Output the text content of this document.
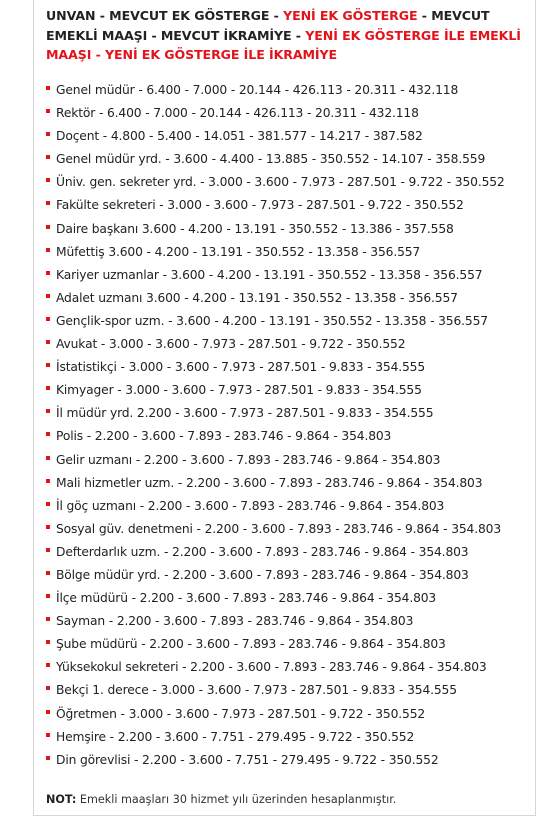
UNVAN - MEVCUT EK GÖSTERGE - YENİ EK GÖSTERGE - MEVCUT EMEKLİ MAAŞI - MEVCUT İKRAMİYE - YENİ EK GÖSTERGE İLE EMEKLİ MAAŞI - YENİ EK GÖSTERGE İLE İKRAMİYE
Genel müdür - 6.400 - 7.000 - 20.144 - 426.113 - 20.311 - 432.118
Rektör - 6.400 - 7.000 - 20.144 - 426.113 - 20.311 - 432.118
Doçent - 4.800 - 5.400 - 14.051 - 381.577 - 14.217 - 387.582
Genel müdür yrd. - 3.600 - 4.400 - 13.885 - 350.552 - 14.107 - 358.559
Üniv. gen. sekreter yrd. - 3.000 - 3.600 - 7.973 - 287.501 - 9.722 - 350.552
Fakülte sekreteri - 3.000 - 3.600 - 7.973 - 287.501 - 9.722 - 350.552
Daire başkanı 3.600 - 4.200 - 13.191 - 350.552 - 13.386 - 357.558
Müfettiş 3.600 - 4.200 - 13.191 - 350.552 - 13.358 - 356.557
Kariyer uzmanlar - 3.600 - 4.200 - 13.191 - 350.552 - 13.358 - 356.557
Adalet uzmanı 3.600 - 4.200 - 13.191 - 350.552 - 13.358 - 356.557
Gençlik-spor uzm. - 3.600 - 4.200 - 13.191 - 350.552 - 13.358 - 356.557
Avukat - 3.000 - 3.600 - 7.973 - 287.501 - 9.722 - 350.552
İstatistikçi - 3.000 - 3.600 - 7.973 - 287.501 - 9.833 - 354.555
Kimyager - 3.000 - 3.600 - 7.973 - 287.501 - 9.833 - 354.555
İl müdür yrd. 2.200 - 3.600 - 7.973 - 287.501 - 9.833 - 354.555
Polis - 2.200 - 3.600 - 7.893 - 283.746 - 9.864 - 354.803
Gelir uzmanı - 2.200 - 3.600 - 7.893 - 283.746 - 9.864 - 354.803
Mali hizmetler uzm. - 2.200 - 3.600 - 7.893 - 283.746 - 9.864 - 354.803
İl göç uzmanı - 2.200 - 3.600 - 7.893 - 283.746 - 9.864 - 354.803
Sosyal güv. denetmeni - 2.200 - 3.600 - 7.893 - 283.746 - 9.864 - 354.803
Defterdarlık uzm. - 2.200 - 3.600 - 7.893 - 283.746 - 9.864 - 354.803
Bölge müdür yrd. - 2.200 - 3.600 - 7.893 - 283.746 - 9.864 - 354.803
İlçe müdürü - 2.200 - 3.600 - 7.893 - 283.746 - 9.864 - 354.803
Sayman - 2.200 - 3.600 - 7.893 - 283.746 - 9.864 - 354.803
Şube müdürü - 2.200 - 3.600 - 7.893 - 283.746 - 9.864 - 354.803
Yüksekokul sekreteri - 2.200 - 3.600 - 7.893 - 283.746 - 9.864 - 354.803
Bekçi 1. derece - 3.000 - 3.600 - 7.973 - 287.501 - 9.833 - 354.555
Öğretmen - 3.000 - 3.600 - 7.973 - 287.501 - 9.722 - 350.552
Hemşire - 2.200 - 3.600 - 7.751 - 279.495 - 9.722 - 350.552
Din görevlisi - 2.200 - 3.600 - 7.751 - 279.495 - 9.722 - 350.552
NOT: Emekli maaşları 30 hizmet yılı üzerinden hesaplanmıştır.
